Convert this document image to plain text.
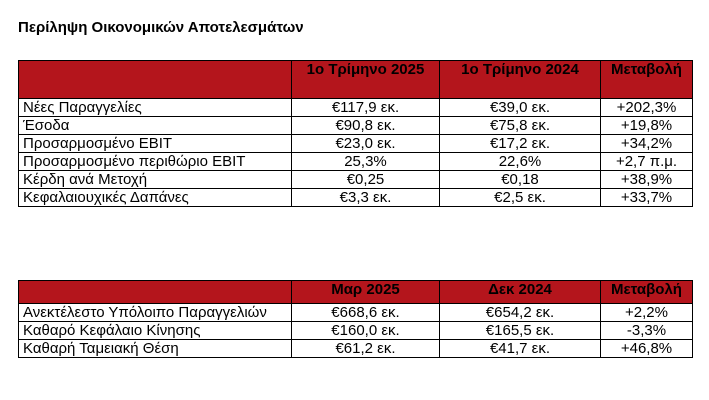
Περίληψη Οικονομικών Αποτελεσμάτων
	1ο Τρίμηνο 2025	1ο Τρίμηνο 2024	Μεταβολή
Νέες Παραγγελίες	€117,9 εκ.	€39,0 εκ.	+202,3%
Έσοδα	€90,8 εκ.	€75,8 εκ.	+19,8%
Προσαρμοσμένο EBIT	€23,0 εκ.	€17,2 εκ.	+34,2%
Προσαρμοσμένο περιθώριο EBIT	25,3%	22,6%	+2,7 π.μ.
Κέρδη ανά Μετοχή	€0,25	€0,18	+38,9%
Κεφαλαιουχικές Δαπάνες	€3,3 εκ.	€2,5 εκ.	+33,7%
	Μαρ 2025	Δεκ 2024	Μεταβολή
Ανεκτέλεστο Υπόλοιπο Παραγγελιών	€668,6 εκ.	€654,2 εκ.	+2,2%
Καθαρό Κεφάλαιο Κίνησης	€160,0 εκ.	€165,5 εκ.	-3,3%
Καθαρή Ταμειακή Θέση	€61,2 εκ.	€41,7 εκ.	+46,8%
